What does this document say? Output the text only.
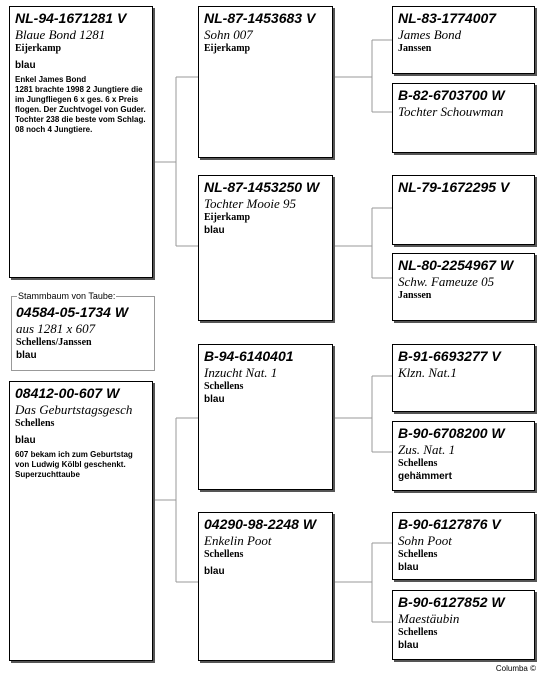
NL-94-1671281 V
Blaue Bond 1281
Eijerkamp
blau
Enkel James Bond
1281 brachte 1998 2 Jungtiere die im Jungfliegen 6 x ges. 6 x Preis flogen. Der Zuchtvogel von Guder.
Tochter 238 die beste vom Schlag. 08 noch 4 Jungtiere.
Stammbaum von Taube:
04584-05-1734 W
aus 1281 x 607
Schellens/Janssen
blau
08412-00-607 W
Das Geburtstagsgesch
Schellens
blau
607 bekam ich zum Geburtstag von Ludwig Kölbl geschenkt. Superzuchttaube
NL-87-1453683 V
Sohn 007
Eijerkamp
NL-87-1453250 W
Tochter Mooie 95
Eijerkamp
blau
B-94-6140401
Inzucht Nat. 1
Schellens
blau
04290-98-2248 W
Enkelin Poot
Schellens
blau
NL-83-1774007
James Bond
Janssen
B-82-6703700 W
Tochter Schouwman
NL-79-1672295 V
NL-80-2254967 W
Schw. Fameuze 05
Janssen
B-91-6693277 V
Klzn. Nat.1
B-90-6708200 W
Zus. Nat. 1
Schellens
gehämmert
B-90-6127876 V
Sohn Poot
Schellens
blau
B-90-6127852 W
Maestäubin
Schellens
blau
Columba ©
